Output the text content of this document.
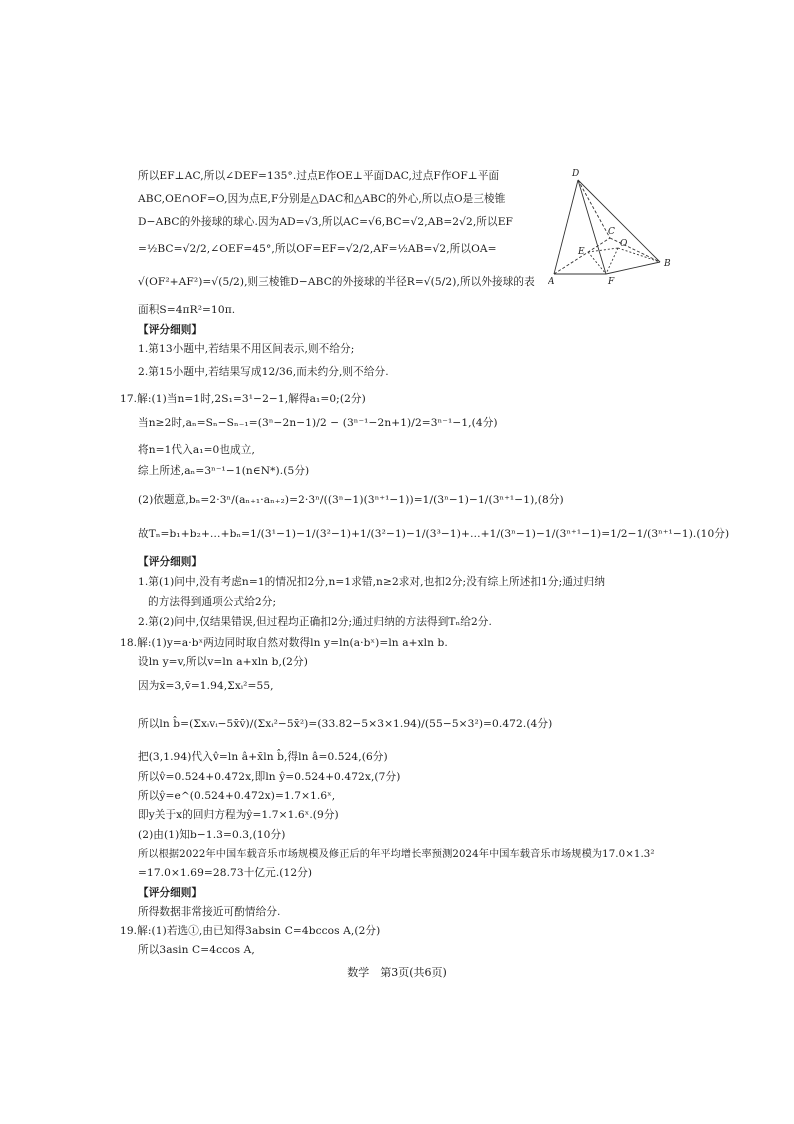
D
A
B
C
E
O
F
所以EF⊥AC,所以∠DEF=135°.过点E作OE⊥平面DAC,过点F作OF⊥平面
ABC,OE∩OF=O,因为点E,F分别是△DAC和△ABC的外心,所以点O是三棱锥
D−ABC的外接球的球心.因为AD=√3,所以AC=√6,BC=√2,AB=2√2,所以EF
=½BC=√2/2,∠OEF=45°,所以OF=EF=√2/2,AF=½AB=√2,所以OA=
√(OF²+AF²)=√(5/2),则三棱锥D−ABC的外接球的半径R=√(5/2),所以外接球的表
面积S=4πR²=10π.
【评分细则】
1.第13小题中,若结果不用区间表示,则不给分;
2.第15小题中,若结果写成12/36,而未约分,则不给分.
17.解:(1)当n=1时,2S₁=3¹−2−1,解得a₁=0;(2分)
当n≥2时,aₙ=Sₙ−Sₙ₋₁=(3ⁿ−2n−1)/2 − (3ⁿ⁻¹−2n+1)/2=3ⁿ⁻¹−1,(4分)
将n=1代入a₁=0也成立,
综上所述,aₙ=3ⁿ⁻¹−1(n∈N*).(5分)
(2)依题意,bₙ=2·3ⁿ/(aₙ₊₁·aₙ₊₂)=2·3ⁿ/((3ⁿ−1)(3ⁿ⁺¹−1))=1/(3ⁿ−1)−1/(3ⁿ⁺¹−1),(8分)
故Tₙ=b₁+b₂+…+bₙ=1/(3¹−1)−1/(3²−1)+1/(3²−1)−1/(3³−1)+…+1/(3ⁿ−1)−1/(3ⁿ⁺¹−1)=1/2−1/(3ⁿ⁺¹−1).(10分)
【评分细则】
1.第(1)问中,没有考虑n=1的情况扣2分,n=1求错,n≥2求对,也扣2分;没有综上所述扣1分;通过归纳
的方法得到通项公式给2分;
2.第(2)问中,仅结果错误,但过程均正确扣2分;通过归纳的方法得到Tₙ给2分.
18.解:(1)y=a·bˣ两边同时取自然对数得ln y=ln(a·bˣ)=ln a+xln b.
设ln y=v,所以v=ln a+xln b,(2分)
因为x̄=3,v̄=1.94,Σxᵢ²=55,
所以ln b̂=(Σxᵢvᵢ−5x̄v̄)/(Σxᵢ²−5x̄²)=(33.82−5×3×1.94)/(55−5×3²)=0.472.(4分)
把(3,1.94)代入v̂=ln â+x̄ln b̂,得ln â=0.524,(6分)
所以v̂=0.524+0.472x,即ln ŷ=0.524+0.472x,(7分)
所以ŷ=e^(0.524+0.472x)=1.7×1.6ˣ,
即y关于x的回归方程为ŷ=1.7×1.6ˣ.(9分)
(2)由(1)知b−1.3=0.3,(10分)
所以根据2022年中国车载音乐市场规模及修正后的年平均增长率预测2024年中国车载音乐市场规模为17.0×1.3²
=17.0×1.69=28.73十亿元.(12分)
【评分细则】
所得数据非常接近可酌情给分.
19.解:(1)若选①,由已知得3absin C=4bccos A,(2分)
所以3asin C=4ccos A,
数学　第3页(共6页)
